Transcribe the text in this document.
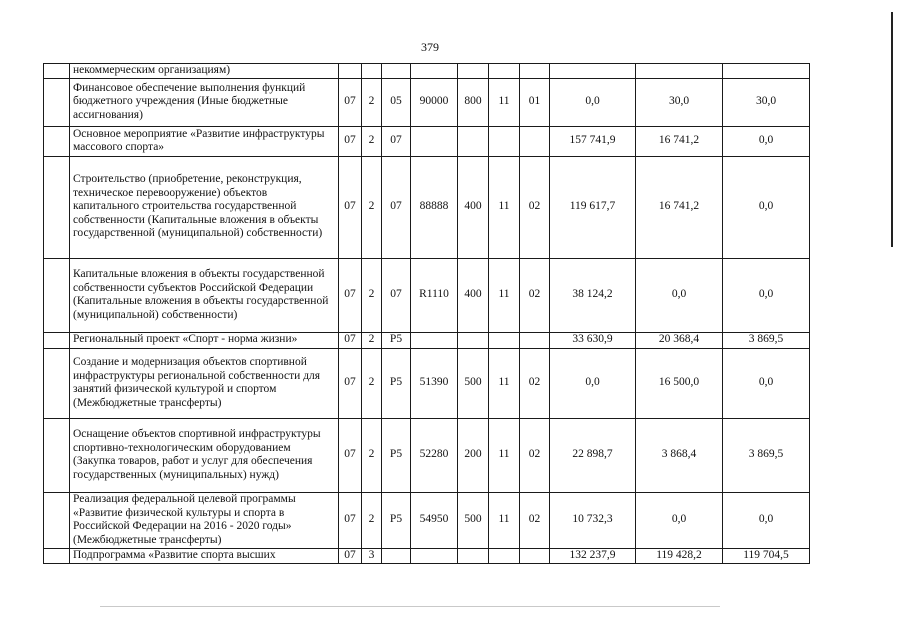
379
	некоммерческим организациям)										
	Финансовое обеспечение выполнения функций бюджетного учреждения (Иные бюджетные ассигнования)	07	2	05	90000	800	11	01	0,0	30,0	30,0
	Основное мероприятие «Развитие инфраструктуры массового спорта»	07	2	07					157 741,9	16 741,2	0,0
	Строительство (приобретение, реконструкция, техническое перевооружение) объектов капитального строительства государственной собственности (Капитальные вложения в объекты государственной (муниципальной) собственности)	07	2	07	88888	400	11	02	119 617,7	16 741,2	0,0
	Капитальные вложения в объекты государственной собственности субъектов Российской Федерации (Капитальные вложения в объекты государственной (муниципальной) собственности)	07	2	07	R1110	400	11	02	38 124,2	0,0	0,0
	Региональный проект «Спорт - норма жизни»	07	2	P5					33 630,9	20 368,4	3 869,5
	Создание и модернизация объектов спортивной инфраструктуры региональной собственности для занятий физической культурой и спортом (Межбюджетные трансферты)	07	2	P5	51390	500	11	02	0,0	16 500,0	0,0
	Оснащение объектов спортивной инфраструктуры спортивно-технологическим оборудованием (Закупка товаров, работ и услуг для обеспечения государственных (муниципальных) нужд)	07	2	P5	52280	200	11	02	22 898,7	3 868,4	3 869,5
	Реализация федеральной целевой программы «Развитие физической культуры и спорта в Российской Федерации на 2016 - 2020 годы» (Межбюджетные трансферты)	07	2	P5	54950	500	11	02	10 732,3	0,0	0,0
	Подпрограмма «Развитие спорта высших	07	3						132 237,9	119 428,2	119 704,5
